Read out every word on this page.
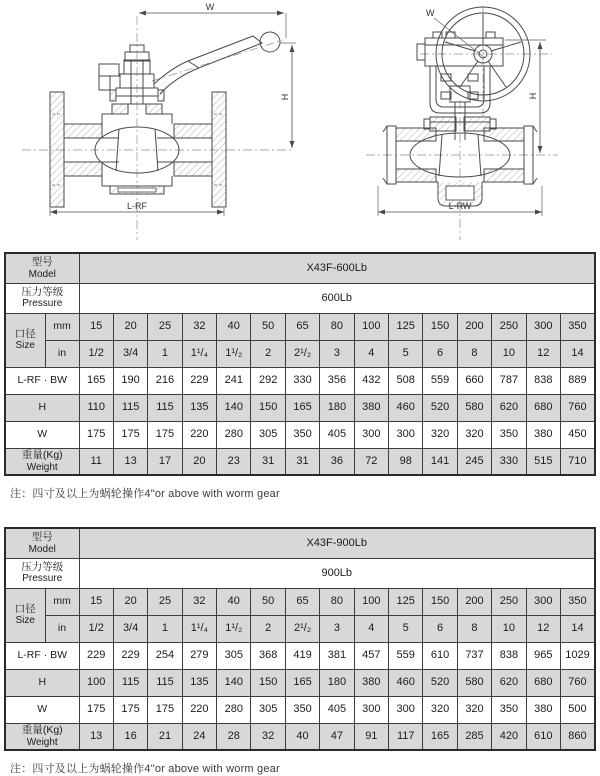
W
H
L-RF
W
H
L-RW
型号
Model		X43F-600Lb														

压力等级
Pressure		600Lb														

口径
Size	mm	15	20	25	32	40	50	65	80	100	125	150	200	250	300	350

	in	1/2	3/4	1	1¹/₄	1¹/₂	2	2¹/₂	3	4	5	6	8	10	12	14

L-RF · BW		165	190	216	229	241	292	330	356	432	508	559	660	787	838	889

H		110	115	115	135	140	150	165	180	380	460	520	580	620	680	760

W		175	175	175	220	280	305	350	405	300	300	320	320	350	380	450

重量(Kg)
Weight		11	13	17	20	23	31	31	36	72	98	141	245	330	515	710
注：四寸及以上为蜗轮操作4"or above with worm gear
型号
Model		X43F-900Lb														

压力等级
Pressure		900Lb														

口径
Size	mm	15	20	25	32	40	50	65	80	100	125	150	200	250	300	350

	in	1/2	3/4	1	1¹/₄	1¹/₂	2	2¹/₂	3	4	5	6	8	10	12	14

L-RF · BW		229	229	254	279	305	368	419	381	457	559	610	737	838	965	1029

H		100	115	115	135	140	150	165	180	380	460	520	580	620	680	760

W		175	175	175	220	280	305	350	405	300	300	320	320	350	380	500

重量(Kg)
Weight		13	16	21	24	28	32	40	47	91	117	165	285	420	610	860
注：四寸及以上为蜗轮操作4"or above with worm gear
